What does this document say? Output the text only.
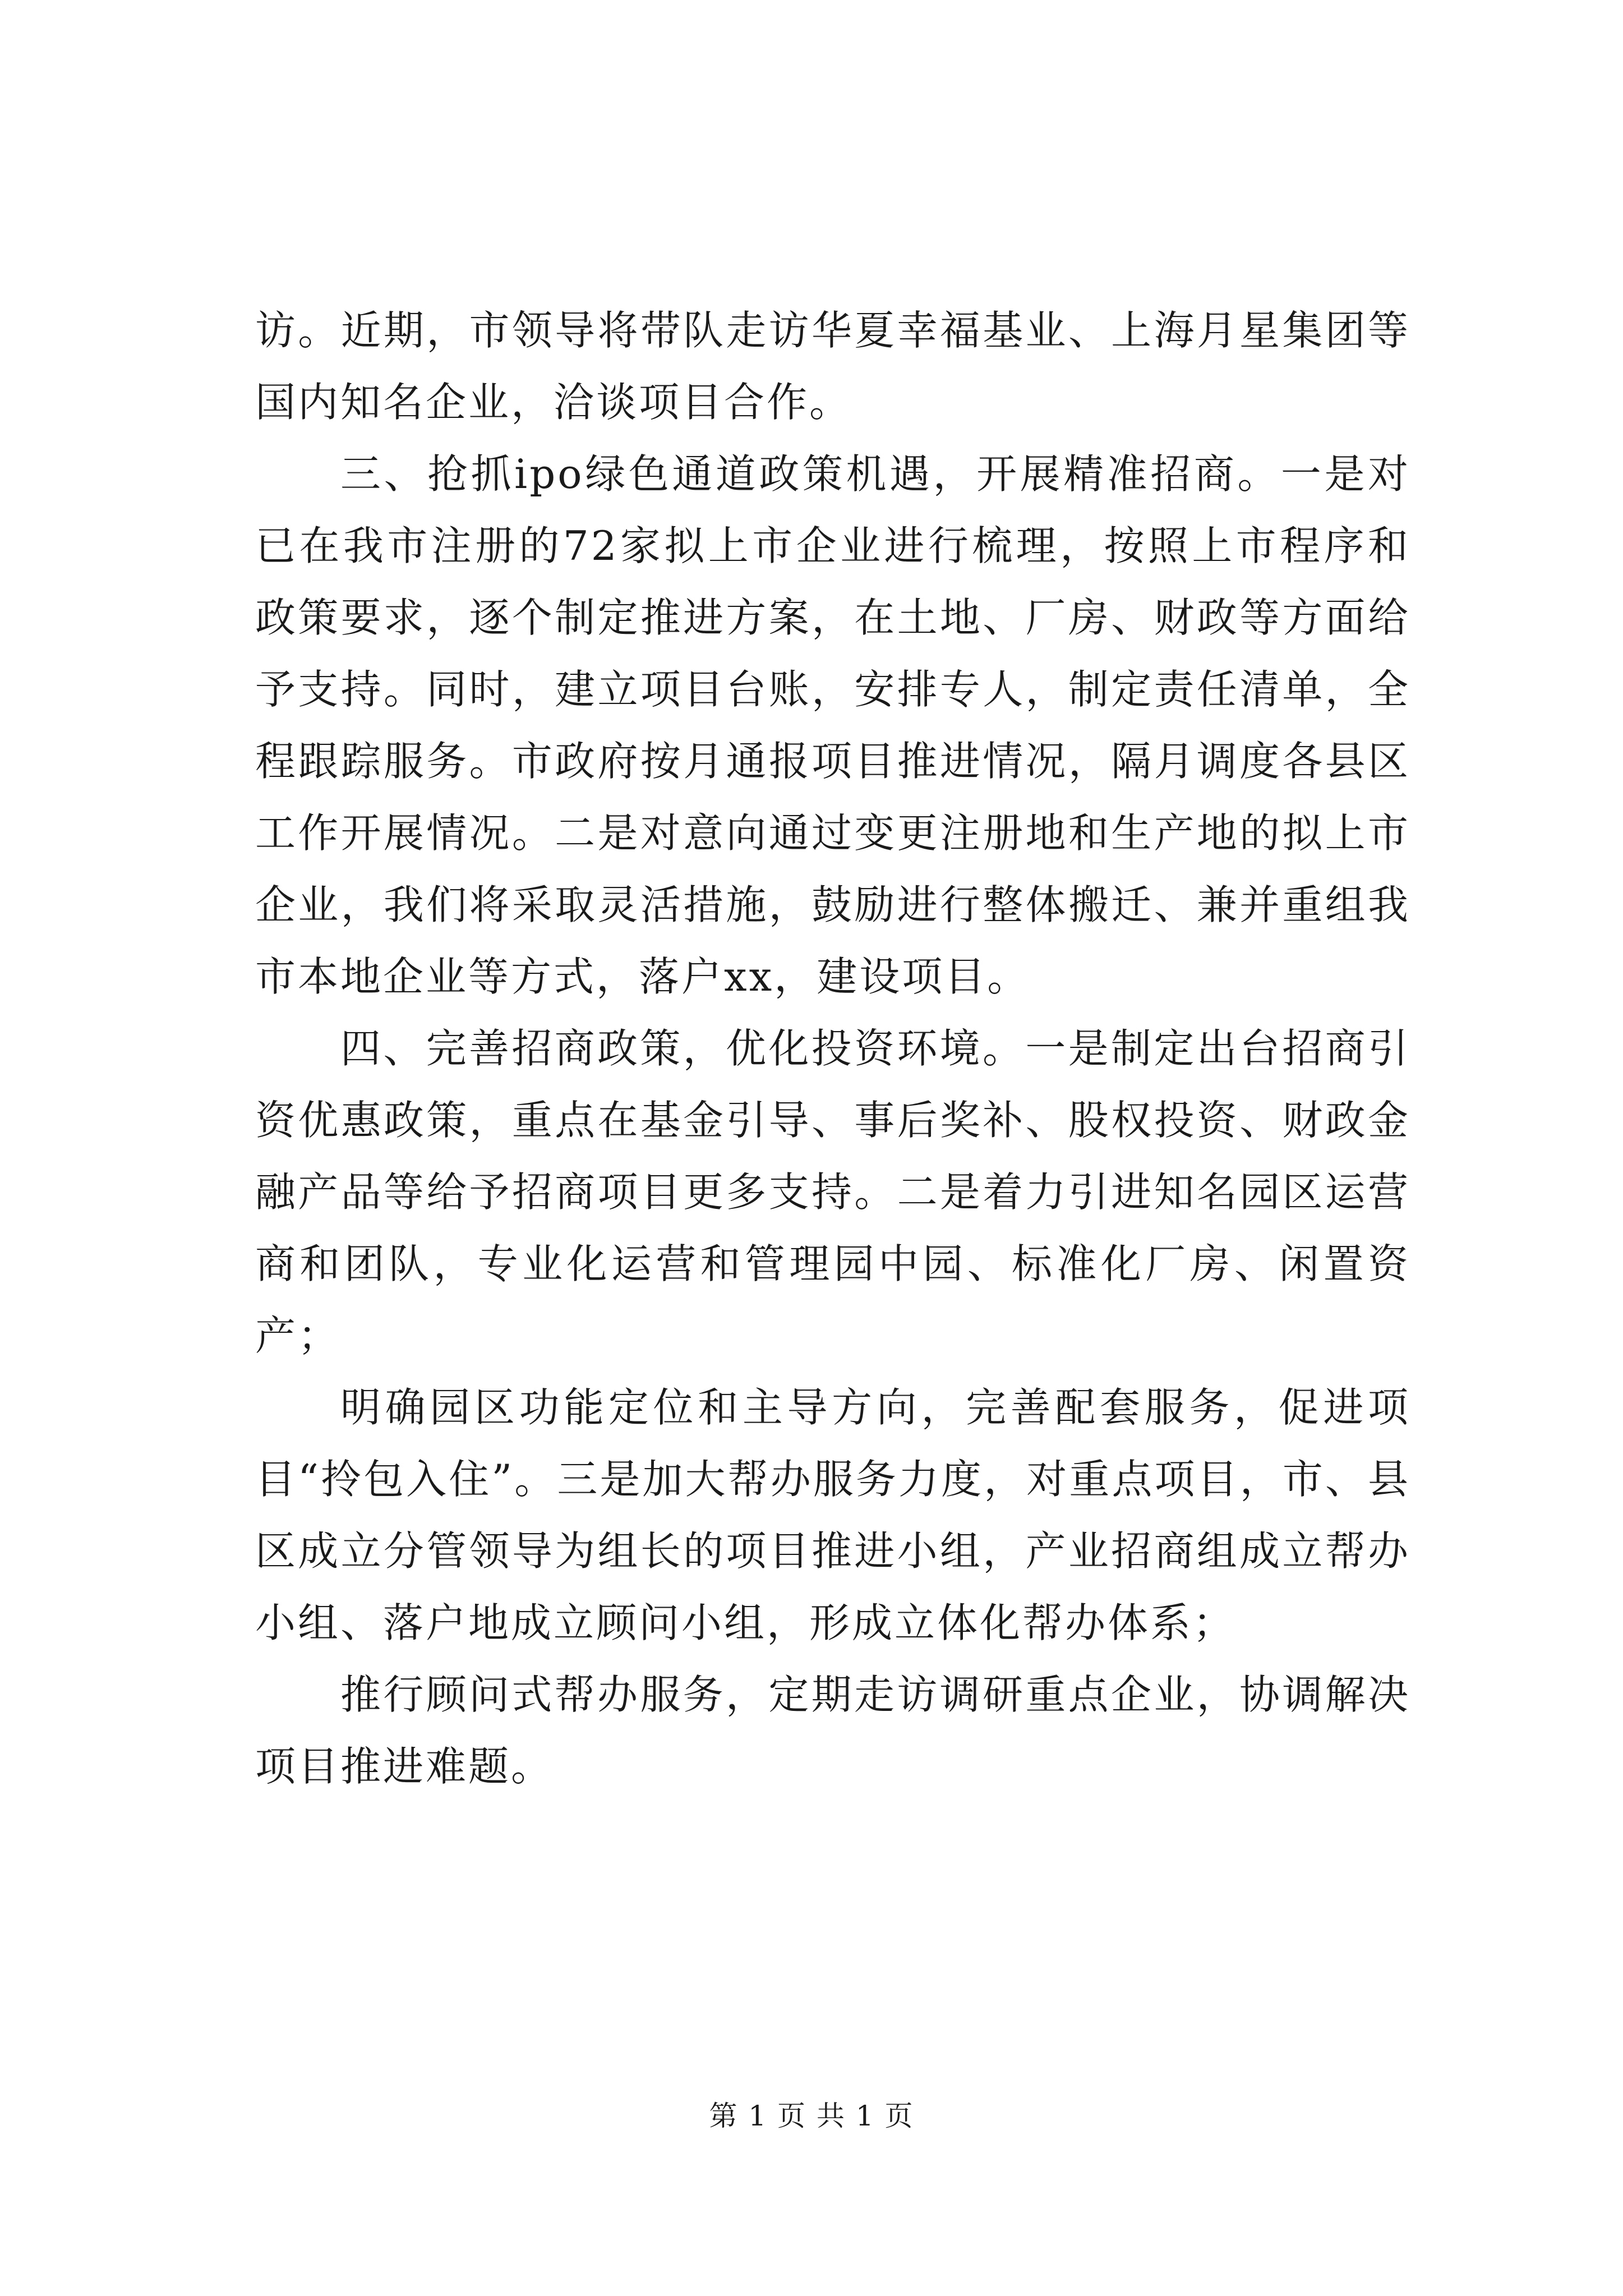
访。近期，市领导将带队走访华夏幸福基业、上海月星集团等国内知名企业，洽谈项目合作。

三、抢抓ipo绿色通道政策机遇，开展精准招商。一是对已在我市注册的72家拟上市企业进行梳理，按照上市程序和政策要求，逐个制定推进方案，在土地、厂房、财政等方面给予支持。同时，建立项目台账，安排专人，制定责任清单，全程跟踪服务。市政府按月通报项目推进情况，隔月调度各县区工作开展情况。二是对意向通过变更注册地和生产地的拟上市企业，我们将采取灵活措施，鼓励进行整体搬迁、兼并重组我市本地企业等方式，落户xx，建设项目。

四、完善招商政策，优化投资环境。一是制定出台招商引资优惠政策，重点在基金引导、事后奖补、股权投资、财政金融产品等给予招商项目更多支持。二是着力引进知名园区运营商和团队，专业化运营和管理园中园、标准化厂房、闲置资产；

明确园区功能定位和主导方向，完善配套服务，促进项目“拎包入住”。三是加大帮办服务力度，对重点项目，市、县区成立分管领导为组长的项目推进小组，产业招商组成立帮办小组、落户地成立顾问小组，形成立体化帮办体系；

推行顾问式帮办服务，定期走访调研重点企业，协调解决项目推进难题。

第 1 页 共 1 页
